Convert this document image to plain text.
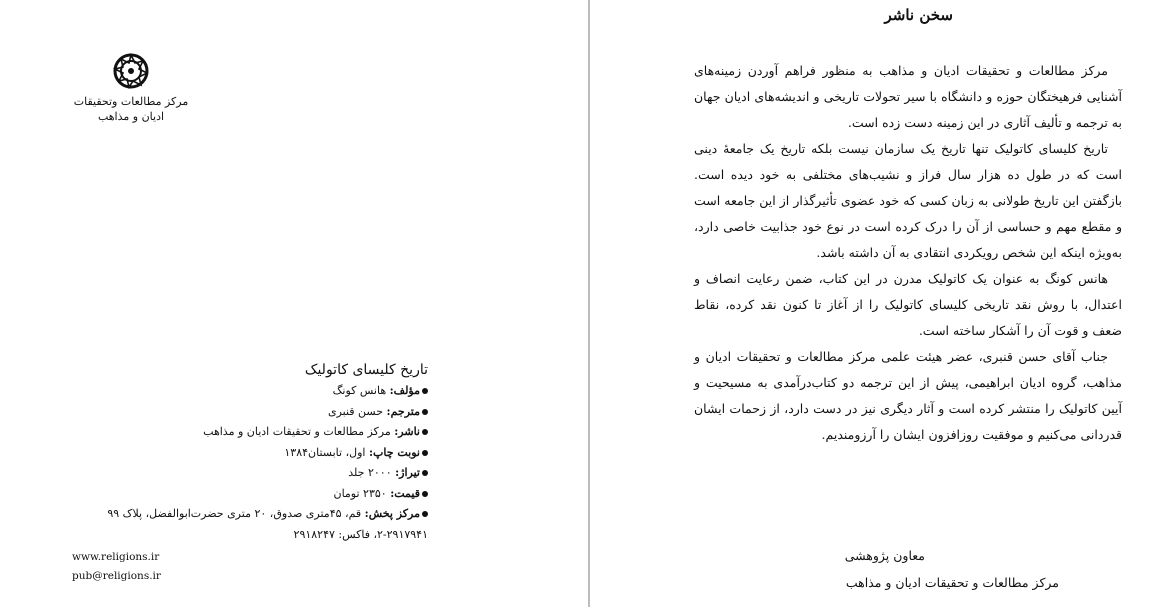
مرکز مطالعات وتحقیقات
ادیان و مذاهب
تاریخ کلیسای کاتولیک
مؤلف: هانس کونگ
مترجم: حسن قنبری
ناشر: مرکز مطالعات و تحقیقات ادیان و مذاهب
نوبت چاپ: اول، تابستان۱۳۸۴
تیراژ: ۲۰۰۰ جلد
قیمت: ۲۳۵۰ تومان
مرکز پخش: قم، ۴۵متری صدوق، ۲۰ متری حضرت‌ابوالفضل، پلاک ۹۹
۲-۲۹۱۷۹۴۱، فاکس: ۲۹۱۸۲۴۷
www.religions.ir
pub@religions.ir
سخن ناشر

مرکز مطالعات و تحقیقات ادیان و مذاهب به منظور فراهم آوردن زمینه‌های آشنایی فرهیختگان حوزه و دانشگاه با سیر تحولات تاریخی و اندیشه‌های ادیان جهان به ترجمه و تألیف آثاری در این زمینه دست زده است.

تاریخ کلیسای کاتولیک تنها تاریخ یک سازمان نیست بلکه تاریخ یک جامعهٔ دینی است که در طول ده هزار سال فراز و نشیب‌های مختلفی به خود دیده است. بازگفتن این تاریخ طولانی به زبان کسی که خود عضوی تأثیرگذار از این جامعه است و مقطع مهم و حساسی از آن را درک کرده است در نوع خود جذابیت خاصی دارد، به‌ویژه اینکه این شخص رویکردی انتقادی به آن داشته باشد.

هانس کونگ به عنوان یک کاتولیک مدرن در این کتاب، ضمن رعایت انصاف و اعتدال، با روش نقد تاریخی کلیسای کاتولیک را از آغاز تا کنون نقد کرده، نقاط ضعف و قوت آن را آشکار ساخته است.

جناب آقای حسن قنبری، عضر هیئت علمی مرکز مطالعات و تحقیقات ادیان و مذاهب، گروه ادیان ابراهیمی، پیش از این ترجمه دو کتاب‌درآمدی به مسیحیت و آیین کاتولیک را منتشر کرده است و آثار دیگری نیز در دست دارد، از زحمات ایشان قدردانی می‌کنیم و موفقیت روزافزون ایشان را آرزومندیم.

معاون پژوهشی
مرکز مطالعات و تحقیقات ادیان و مذاهب
